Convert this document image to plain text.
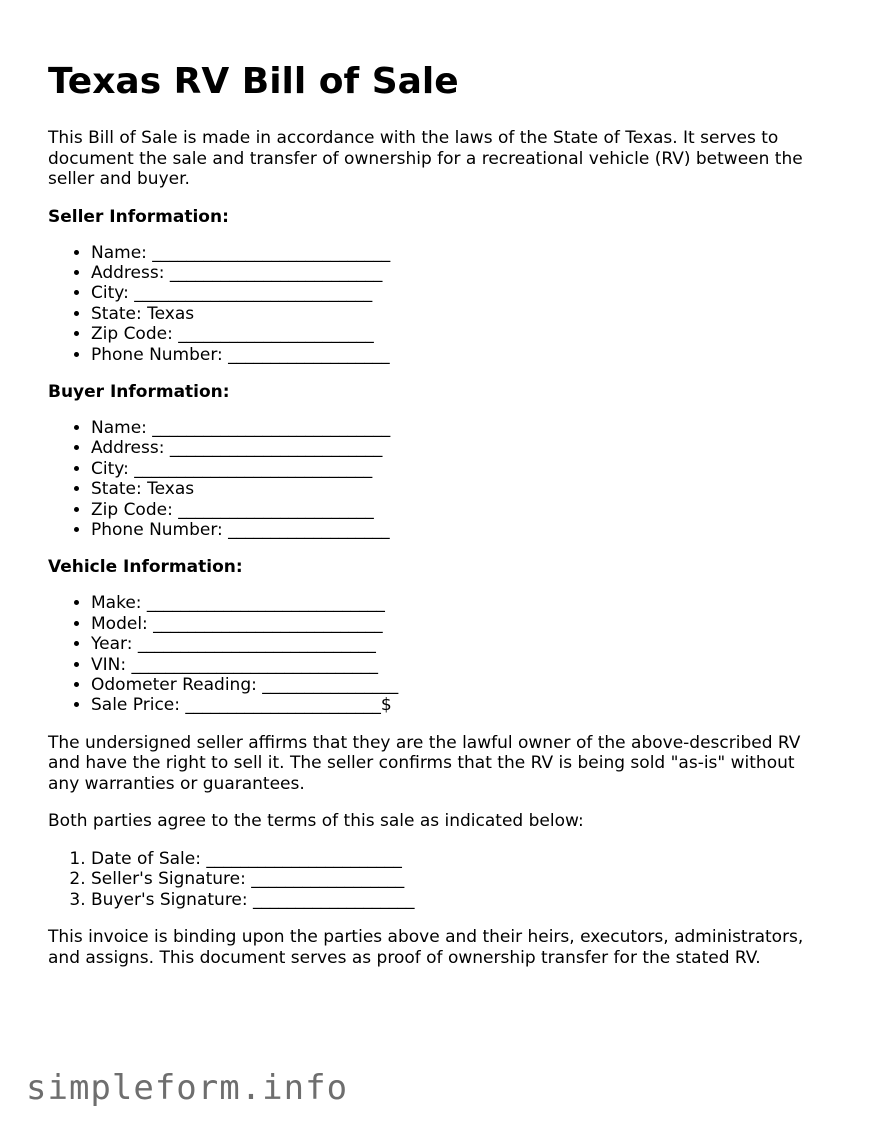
Texas RV Bill of Sale

This Bill of Sale is made in accordance with the laws of the State of Texas. It serves to document the sale and transfer of ownership for a recreational vehicle (RV) between the seller and buyer.

Seller Information:
• Name: ____________________________
• Address: _________________________
• City: ____________________________
• State: Texas
• Zip Code: _______________________
• Phone Number: ___________________
Buyer Information:
• Name: ____________________________
• Address: _________________________
• City: ____________________________
• State: Texas
• Zip Code: _______________________
• Phone Number: ___________________
Vehicle Information:
• Make: ____________________________
• Model: ___________________________
• Year: ____________________________
• VIN: _____________________________
• Odometer Reading: ________________
• Sale Price: _______________________$

The undersigned seller affirms that they are the lawful owner of the above-described RV and have the right to sell it. The seller confirms that the RV is being sold "as-is" without any warranties or guarantees.

Both parties agree to the terms of this sale as indicated below:

1. Date of Sale: _______________________
2. Seller's Signature: __________________
3. Buyer's Signature: ___________________

This invoice is binding upon the parties above and their heirs, executors, administrators, and assigns. This document serves as proof of ownership transfer for the stated RV.

simpleform.info
